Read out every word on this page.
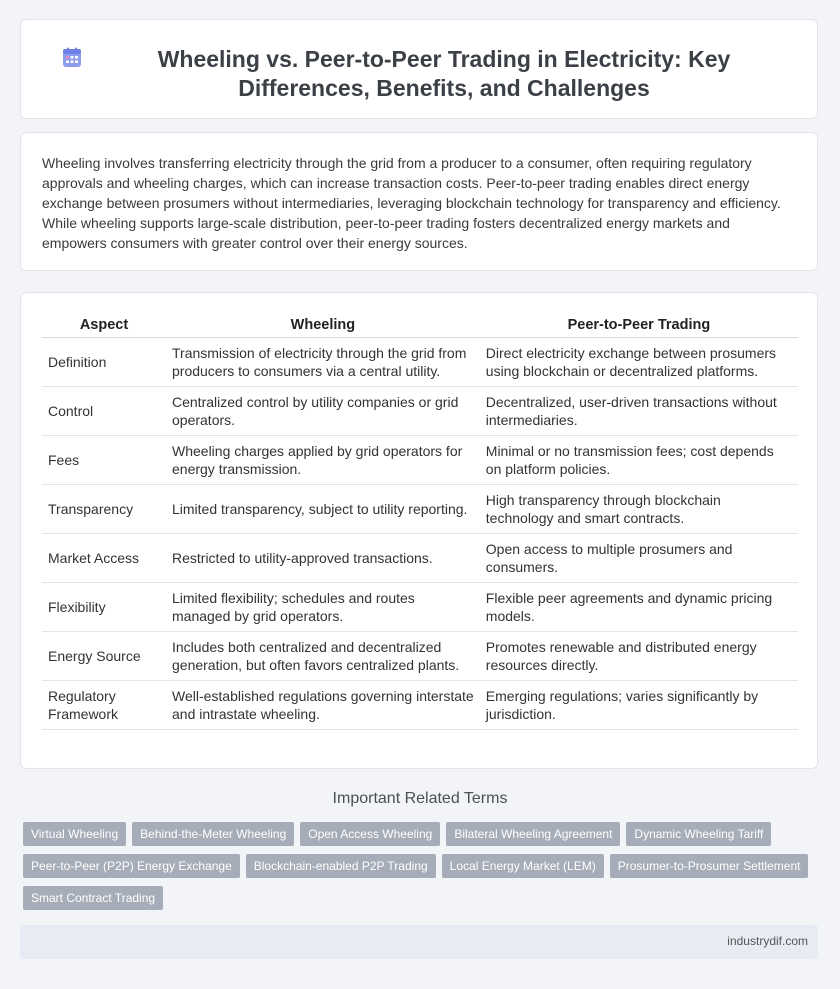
Wheeling vs. Peer-to-Peer Trading in Electricity: Key Differences, Benefits, and Challenges

Wheeling involves transferring electricity through the grid from a producer to a consumer, often requiring regulatory approvals and wheeling charges, which can increase transaction costs. Peer-to-peer trading enables direct energy exchange between prosumers without intermediaries, leveraging blockchain technology for transparency and efficiency. While wheeling supports large-scale distribution, peer-to-peer trading fosters decentralized energy markets and empowers consumers with greater control over their energy sources.

Aspect	Wheeling	Peer-to-Peer Trading
Definition	Transmission of electricity through the grid from producers to consumers via a central utility.	Direct electricity exchange between prosumers using blockchain or decentralized platforms.
Control	Centralized control by utility companies or grid operators.	Decentralized, user-driven transactions without intermediaries.
Fees	Wheeling charges applied by grid operators for energy transmission.	Minimal or no transmission fees; cost depends on platform policies.
Transparency	Limited transparency, subject to utility reporting.	High transparency through blockchain technology and smart contracts.
Market Access	Restricted to utility-approved transactions.	Open access to multiple prosumers and consumers.
Flexibility	Limited flexibility; schedules and routes managed by grid operators.	Flexible peer agreements and dynamic pricing models.
Energy Source	Includes both centralized and decentralized generation, but often favors centralized plants.	Promotes renewable and distributed energy resources directly.
Regulatory Framework	Well-established regulations governing interstate and intrastate wheeling.	Emerging regulations; varies significantly by jurisdiction.
Important Related Terms
Virtual Wheeling	Behind-the-Meter Wheeling	Open Access Wheeling	Bilateral Wheeling Agreement	Dynamic Wheeling Tariff
Peer-to-Peer (P2P) Energy Exchange	Blockchain-enabled P2P Trading	Local Energy Market (LEM)	Prosumer-to-Prosumer Settlement
Smart Contract Trading
industrydif.com
